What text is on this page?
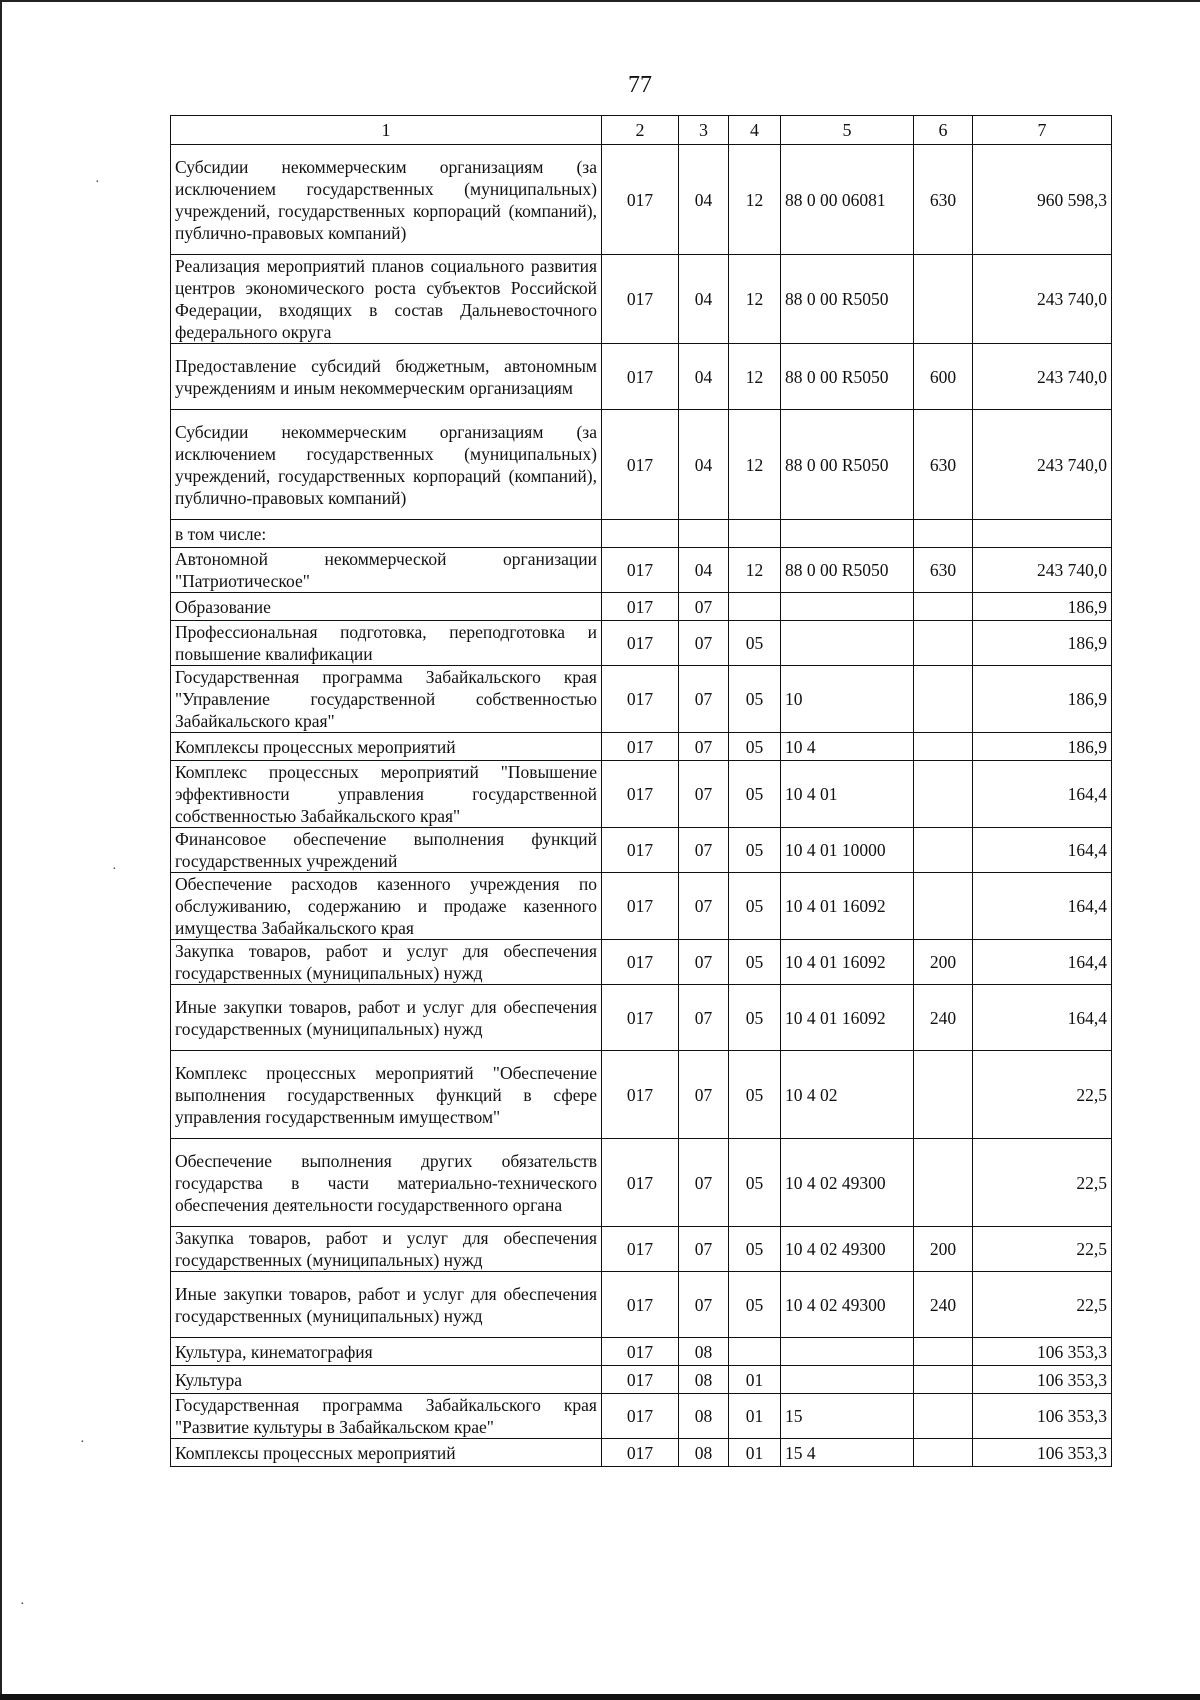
·
·
·
·
77
1	2	3	4	5	6	7
Субсидии некоммерческим организациям (за исключением государственных (муниципальных) учреждений, государственных корпораций (компаний), публично-правовых компаний)	017	04	12	88 0 00 06081	630	960 598,3
Реализация мероприятий планов социального развития центров экономического роста субъектов Российской Федерации, входящих в состав Дальневосточного федерального округа	017	04	12	88 0 00 R5050		243 740,0
Предоставление субсидий бюджетным, автономным учреждениям и иным некоммерческим организациям	017	04	12	88 0 00 R5050	600	243 740,0
Субсидии некоммерческим организациям (за исключением государственных (муниципальных) учреждений, государственных корпораций (компаний), публично-правовых компаний)	017	04	12	88 0 00 R5050	630	243 740,0
в том числе:						
Автономной некоммерческой организации "Патриотическое"	017	04	12	88 0 00 R5050	630	243 740,0
Образование	017	07				186,9
Профессиональная подготовка, переподготовка и повышение квалификации	017	07	05			186,9
Государственная программа Забайкальского края "Управление государственной собственностью Забайкальского края"	017	07	05	10		186,9
Комплексы процессных мероприятий	017	07	05	10 4		186,9
Комплекс процессных мероприятий "Повышение эффективности управления государственной собственностью Забайкальского края"	017	07	05	10 4 01		164,4
Финансовое обеспечение выполнения функций государственных учреждений	017	07	05	10 4 01 10000		164,4
Обеспечение расходов казенного учреждения по обслуживанию, содержанию и продаже казенного имущества Забайкальского края	017	07	05	10 4 01 16092		164,4
Закупка товаров, работ и услуг для обеспечения государственных (муниципальных) нужд	017	07	05	10 4 01 16092	200	164,4
Иные закупки товаров, работ и услуг для обеспечения государственных (муниципальных) нужд	017	07	05	10 4 01 16092	240	164,4
Комплекс процессных мероприятий "Обеспечение выполнения государственных функций в сфере управления государственным имуществом"	017	07	05	10 4 02		22,5
Обеспечение выполнения других обязательств государства в части материально-технического обеспечения деятельности государственного органа	017	07	05	10 4 02 49300		22,5
Закупка товаров, работ и услуг для обеспечения государственных (муниципальных) нужд	017	07	05	10 4 02 49300	200	22,5
Иные закупки товаров, работ и услуг для обеспечения государственных (муниципальных) нужд	017	07	05	10 4 02 49300	240	22,5
Культура, кинематография	017	08				106 353,3
Культура	017	08	01			106 353,3
Государственная программа Забайкальского края "Развитие культуры в Забайкальском крае"	017	08	01	15		106 353,3
Комплексы процессных мероприятий	017	08	01	15 4		106 353,3
